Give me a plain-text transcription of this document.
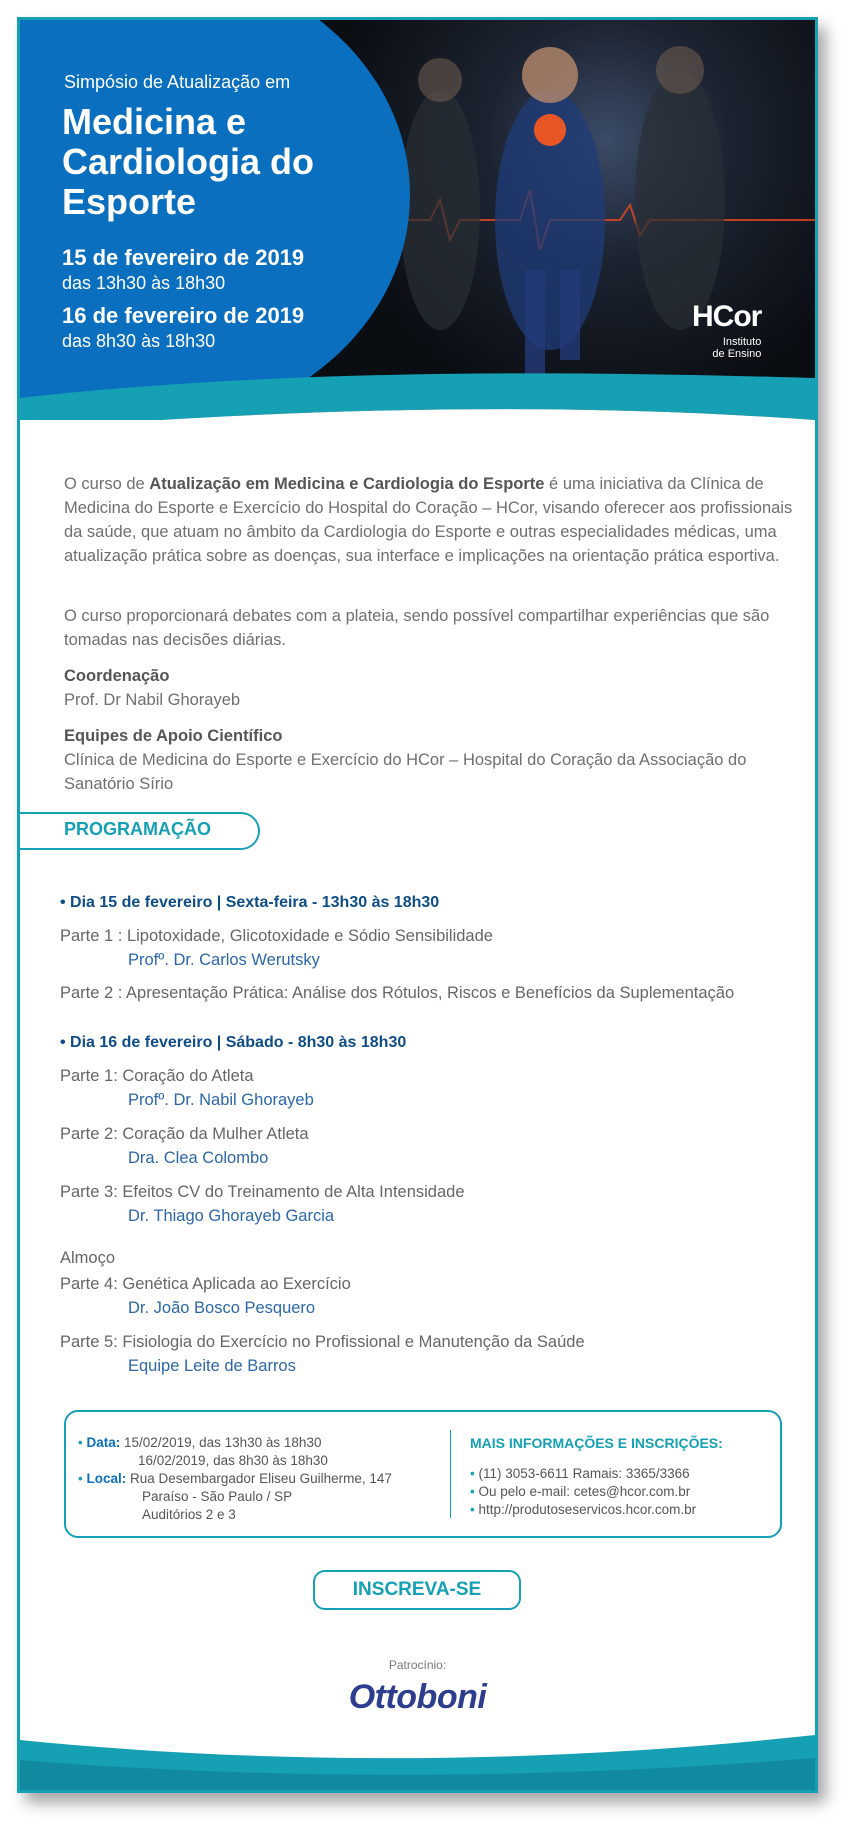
Simpósio de Atualização em
Medicina e Cardiologia do Esporte
15 de fevereiro de 2019
das 13h30 às 18h30
16 de fevereiro de 2019
das 8h30 às 18h30
HCor
Instituto
de Ensino
O curso de Atualização em Medicina e Cardiologia do Esporte é uma iniciativa da Clínica de Medicina do Esporte e Exercício do Hospital do Coração – HCor, visando oferecer aos profissionais da saúde, que atuam no âmbito da Cardiologia do Esporte e outras especialidades médicas, uma atualização prática sobre as doenças, sua interface e implicações na orientação prática esportiva.
O curso proporcionará debates com a plateia, sendo possível compartilhar experiências que são tomadas nas decisões diárias.
Coordenação
Prof. Dr Nabil Ghorayeb
Equipes de Apoio Científico
Clínica de Medicina do Esporte e Exercício do HCor – Hospital do Coração da Associação do Sanatório Sírio
PROGRAMAÇÃO
• Dia 15 de fevereiro | Sexta-feira - 13h30 às 18h30
Parte 1 : Lipotoxidade, Glicotoxidade e Sódio Sensibilidade
Profº. Dr. Carlos Werutsky
Parte 2 : Apresentação Prática: Análise dos Rótulos, Riscos e Benefícios da Suplementação
• Dia 16 de fevereiro | Sábado - 8h30 às 18h30
Parte 1: Coração do Atleta
Profº. Dr. Nabil Ghorayeb
Parte 2: Coração da Mulher Atleta
Dra. Clea Colombo
Parte 3: Efeitos CV do Treinamento de Alta Intensidade
Dr. Thiago Ghorayeb Garcia
Almoço
Parte 4: Genética Aplicada ao Exercício
Dr. João Bosco Pesquero
Parte 5: Fisiologia do Exercício no Profissional e Manutenção da Saúde
Equipe Leite de Barros
• Data: 15/02/2019, das 13h30 às 18h30
16/02/2019, das 8h30 às 18h30
• Local: Rua Desembargador Eliseu Guilherme, 147
Paraíso - São Paulo / SP
Auditórios 2 e 3
MAIS INFORMAÇÕES E INSCRIÇÕES:
• (11) 3053-6611 Ramais: 3365/3366
• Ou pelo e-mail: cetes@hcor.com.br
• http://produtoseservicos.hcor.com.br
INSCREVA-SE
Patrocínio:
Ottoboni
